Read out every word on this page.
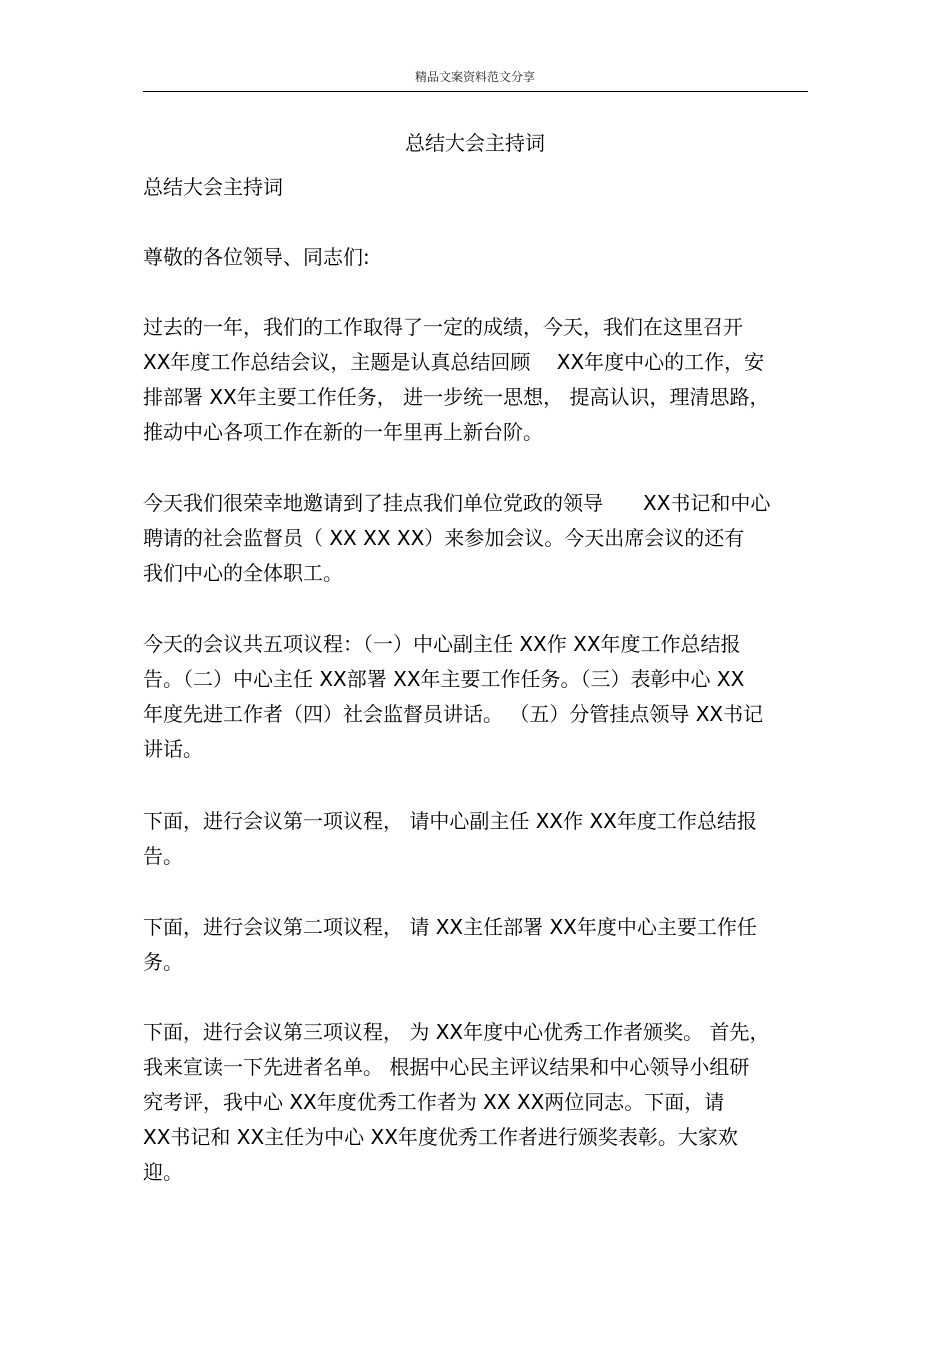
精品文案资料范文分享
总结大会主持词
总结大会主持词
尊敬的各位领导、同志们:
过去的一年，我们的工作取得了一定的成绩，今天，我们在这里召开
XX年度工作总结会议，主题是认真总结回顾　 XX年度中心的工作，安
排部署 XX年主要工作任务， 进一步统一思想， 提高认识，理清思路，
推动中心各项工作在新的一年里再上新台阶。
今天我们很荣幸地邀请到了挂点我们单位党政的领导　　XX书记和中心
聘请的社会监督员（ XX XX XX）来参加会议。今天出席会议的还有
我们中心的全体职工。
今天的会议共五项议程：（一）中心副主任 XX作 XX年度工作总结报
告。（二）中心主任 XX部署 XX年主要工作任务。（三）表彰中心 XX
年度先进工作者（四）社会监督员讲话。 （五）分管挂点领导 XX书记
讲话。
下面，进行会议第一项议程， 请中心副主任 XX作 XX年度工作总结报
告。
下面，进行会议第二项议程， 请 XX主任部署 XX年度中心主要工作任
务。
下面，进行会议第三项议程， 为 XX年度中心优秀工作者颁奖。 首先，
我来宣读一下先进者名单。 根据中心民主评议结果和中心领导小组研
究考评，我中心 XX年度优秀工作者为 XX XX两位同志。下面，请
XX书记和 XX主任为中心 XX年度优秀工作者进行颁奖表彰。大家欢
迎。
